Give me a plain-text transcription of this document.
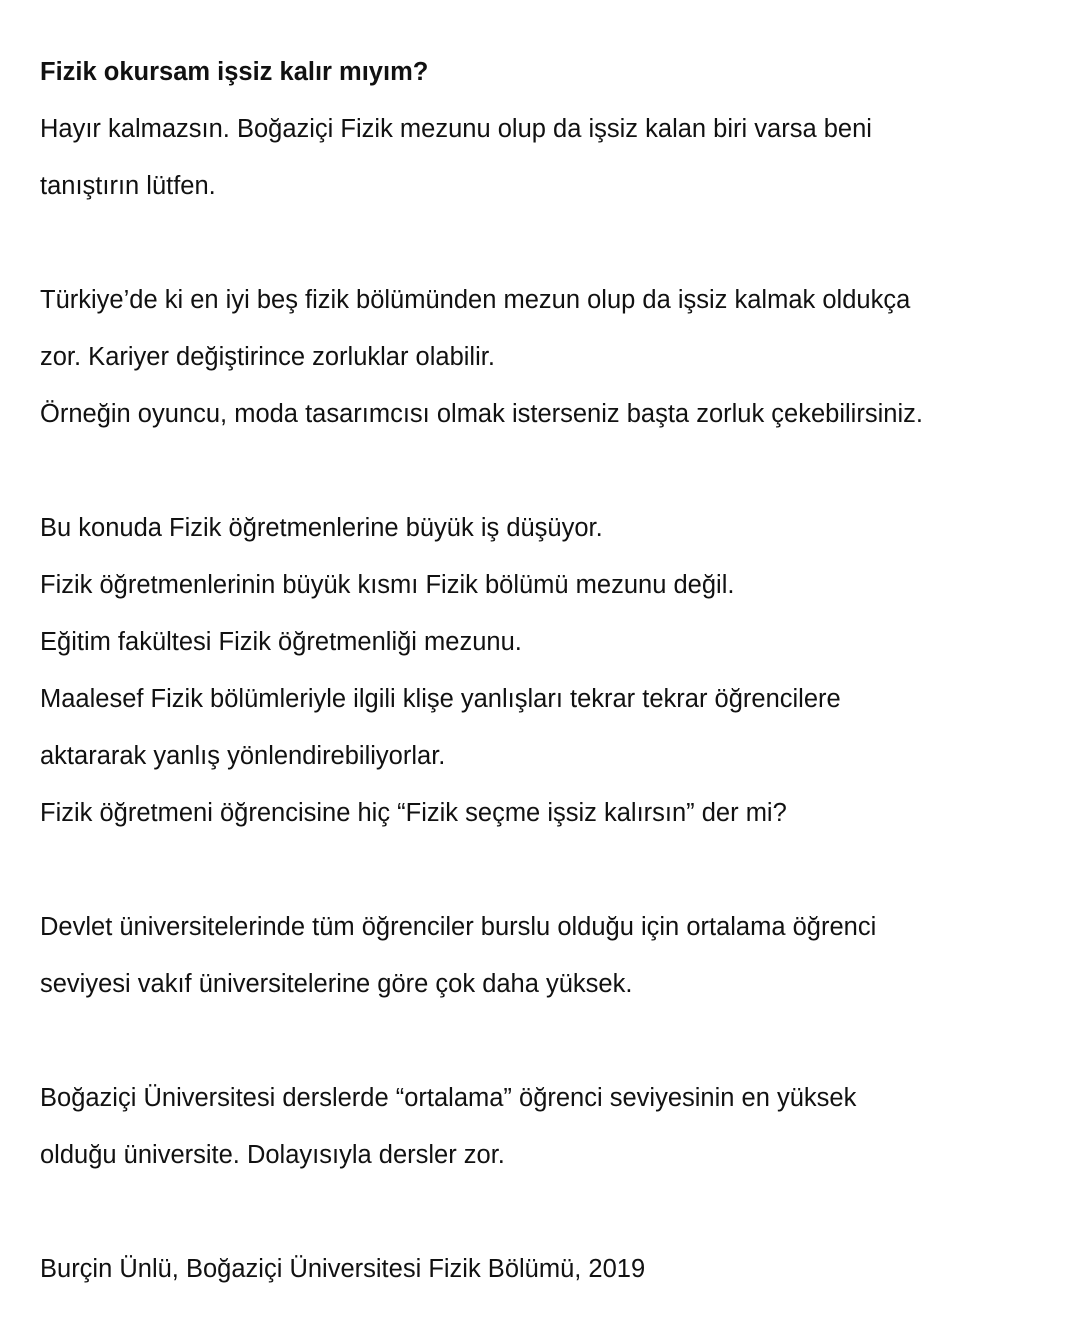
Fizik okursam işsiz kalır mıyım?

Hayır kalmazsın. Boğaziçi Fizik mezunu olup da işsiz kalan biri varsa beni
tanıştırın lütfen.

Türkiye’de ki en iyi beş fizik bölümünden mezun olup da işsiz kalmak oldukça
zor. Kariyer değiştirince zorluklar olabilir.
Örneğin oyuncu, moda tasarımcısı olmak isterseniz başta zorluk çekebilirsiniz.

Bu konuda Fizik öğretmenlerine büyük iş düşüyor.
Fizik öğretmenlerinin büyük kısmı Fizik bölümü mezunu değil.
Eğitim fakültesi Fizik öğretmenliği mezunu.
Maalesef Fizik bölümleriyle ilgili klişe yanlışları tekrar tekrar öğrencilere
aktararak yanlış yönlendirebiliyorlar.
Fizik öğretmeni öğrencisine hiç “Fizik seçme işsiz kalırsın” der mi?

Devlet üniversitelerinde tüm öğrenciler burslu olduğu için ortalama öğrenci
seviyesi vakıf üniversitelerine göre çok daha yüksek.

Boğaziçi Üniversitesi derslerde “ortalama” öğrenci seviyesinin en yüksek
olduğu üniversite. Dolayısıyla dersler zor.

Burçin Ünlü, Boğaziçi Üniversitesi Fizik Bölümü, 2019
